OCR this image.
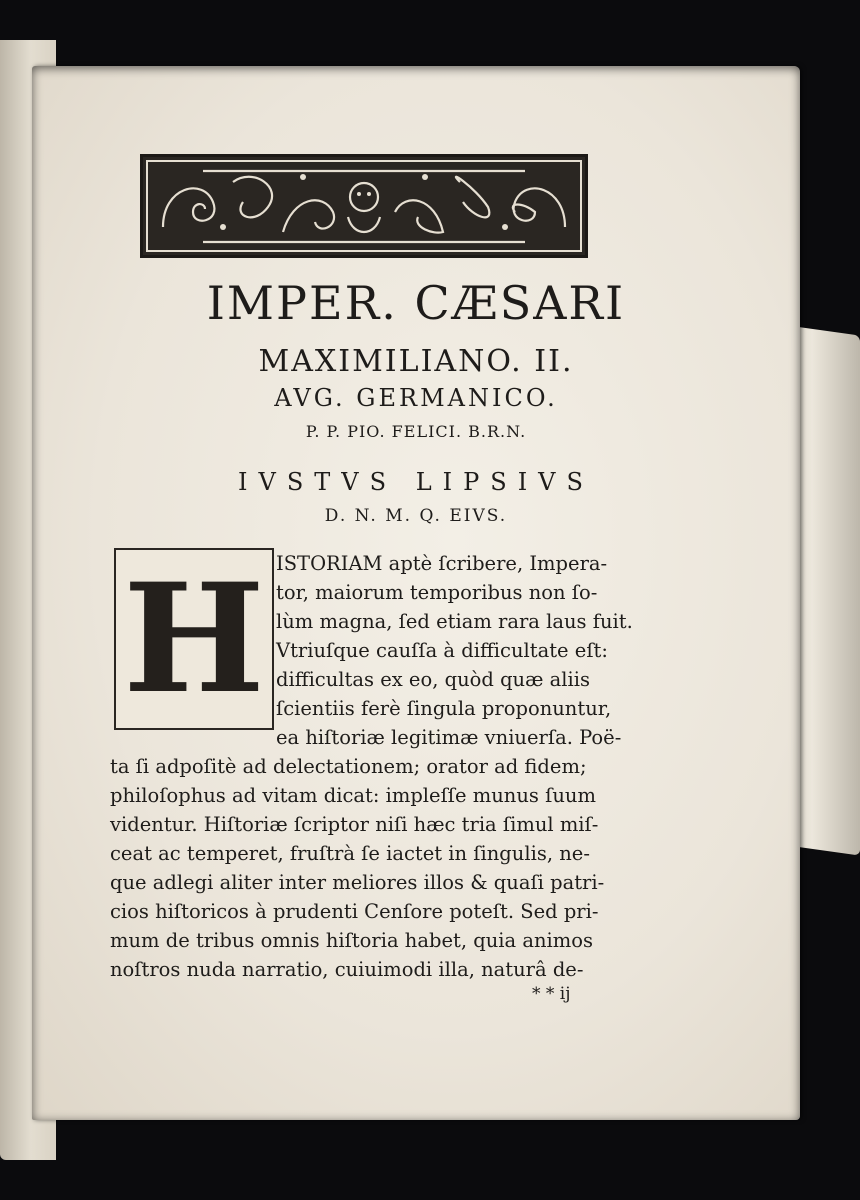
IMPER. CÆSARI
MAXIMILIANO. II.
AVG. GERMANICO.
P. P. PIO. FELICI. B.R.N.
IVSTVS LIPSIVS
D. N. M. Q. EIVS.
H ISTORIAM aptè ſcribere, Impera-
tor, maiorum temporibus non ſo-
lùm magna, ſed etiam rara laus fuit.
Vtriuſque cauſſa à difficultate eſt:
difficultas ex eo, quòd quæ aliis
ſcientiis ferè ſingula proponuntur,
ea hiſtoriæ legitimæ vniuerſa. Poë-
ta ſi adpoſitè ad delectationem; orator ad fidem;
philoſophus ad vitam dicat: impleſſe munus ſuum
videntur. Hiſtoriæ ſcriptor niſi hæc tria ſimul miſ-
ceat ac temperet, fruſtrà ſe iactet in ſingulis, ne-
que adlegi aliter inter meliores illos & quaſi patri-
cios hiſtoricos à prudenti Cenſore poteſt. Sed pri-
mum de tribus omnis hiſtoria habet, quia animos
noſtros nuda narratio, cuiuimodi illa, naturâ de-
* * ij
